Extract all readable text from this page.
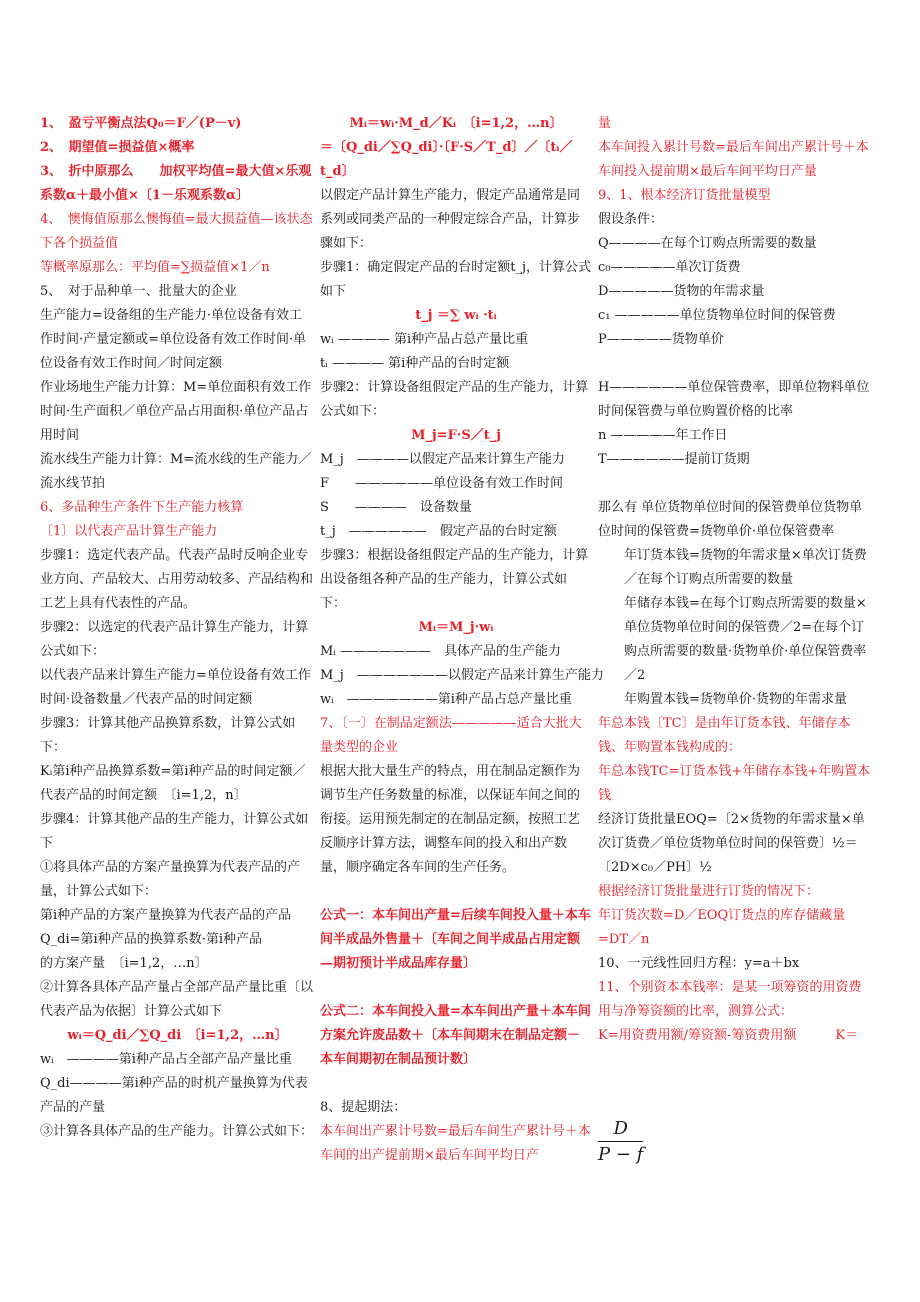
1、　盈亏平衡点法Q₀＝F／(P－v)
2、　期望值=损益值×概率
3、　折中原那么　　加权平均值=最大值×乐观系数α＋最小值×〔1－乐观系数α〕
4、　懊悔值原那么懊悔值=最大损益值—该状态下各个损益值
等概率原那么：平均值=∑损益值×1／n
5、　对于品种单一、批量大的企业
生产能力=设备组的生产能力·单位设备有效工作时间·产量定额或=单位设备有效工作时间·单位设备有效工作时间／时间定额
作业场地生产能力计算：M=单位面积有效工作时间·生产面积／单位产品占用面积·单位产品占用时间
流水线生产能力计算：M=流水线的生产能力／流水线节拍
6、多品种生产条件下生产能力核算
〔1〕以代表产品计算生产能力
步骤1：选定代表产品。代表产品时反响企业专业方向、产品较大、占用劳动较多、产品结构和工艺上具有代表性的产品。
步骤2：以选定的代表产品计算生产能力，计算公式如下：
以代表产品来计算生产能力=单位设备有效工作时间·设备数量／代表产品的时间定额
步骤3：计算其他产品换算系数，计算公式如下：
Kᵢ第i种产品换算系数=第i种产品的时间定额／　代表产品的时间定额　〔i=1,2，n〕
步骤4：计算其他产品的生产能力，计算公式如下
①将具体产品的方案产量换算为代表产品的产量，计算公式如下：
第i种产品的方案产量换算为代表产品的产品Q_di=第i种产品的换算系数·第i种产品　　　　的方案产量　〔i=1,2，…n〕
②计算各具体产品产量占全部产品产量比重〔以代表产品为依据〕计算公式如下
wᵢ＝Q_di／∑Q_di　〔i=1,2，…n〕
wᵢ　————第i种产品占全部产品产量比重
Q_di————第i种产品的时机产量换算为代表产品的产量
③计算各具体产品的生产能力。计算公式如下：
Mᵢ＝wᵢ·M_d／Kᵢ　〔i=1,2，…n〕
＝〔Q_di／∑Q_di〕·〔F·S／T_d〕／〔tᵢ／t_d〕
以假定产品计算生产能力，假定产品通常是同系列或同类产品的一种假定综合产品，计算步骤如下：
步骤1：确定假定产品的台时定额t_j，计算公式如下
t_j ＝∑ wᵢ ·tᵢ
wᵢ ———— 第i种产品占总产量比重
tᵢ ———— 第i种产品的台时定额
步骤2：计算设备组假定产品的生产能力，计算公式如下：
M_j=F·S／t_j
M_j　————以假定产品来计算生产能力
F　　——————单位设备有效工作时间
S　　————　设备数量
t_j　——————　假定产品的台时定额
步骤3：根据设备组假定产品的生产能力，计算出设备组各种产品的生产能力，计算公式如下：
Mᵢ＝M_j·wᵢ
Mᵢ ———————　具体产品的生产能力
M_j　———————以假定产品来计算生产能力
wᵢ　———————第i种产品占总产量比重
7、〔一〕在制品定额法—————适合大批大量类型的企业
根据大批大量生产的特点，用在制品定额作为调节生产任务数量的标准，以保证车间之间的衔接。运用预先制定的在制品定额，按照工艺反顺序计算方法，调整车间的投入和出产数量，顺序确定各车间的生产任务。
公式一：本车间出产量=后续车间投入量＋本车间半成品外售量＋〔车间之间半成品占用定额—期初预计半成品库存量〕
公式二：本车间投入量=本车间出产量＋本车间方案允许废品数＋〔本车间期末在制品定额－本车间期初在制品预计数〕
8、提起期法：
本车间出产累计号数=最后车间生产累计号＋本车间的出产提前期×最后车间平均日产
量
本车间投入累计号数=最后车间出产累计号＋本车间投入提前期×最后车间平均日产量
9、1、根本经济订货批量模型
假设条件：
Q————在每个订购点所需要的数量
c₀—————单次订货费
D—————货物的年需求量
c₁ —————单位货物单位时间的保管费
P—————货物单价
H——————单位保管费率，即单位物料单位时间保管费与单位购置价格的比率
n —————年工作日
T——————提前订货期
那么有 单位货物单位时间的保管费单位货物单位时间的保管费=货物单价·单位保管费率
年订货本钱=货物的年需求量×单次订货费／在每个订购点所需要的数量
年储存本钱=在每个订购点所需要的数量×单位货物单位时间的保管费／2=在每个订购点所需要的数量·货物单价·单位保管费率／2
年购置本钱=货物单价·货物的年需求量
年总本钱〔TC〕是由年订货本钱、年储存本钱、年购置本钱构成的：
年总本钱TC=订货本钱+年储存本钱+年购置本钱
经济订货批量EOQ=〔2×货物的年需求量×单次订货费／单位货物单位时间的保管费〕½＝〔2D×c₀／PH〕½
根据经济订货批量进行订货的情况下：
年订货次数=D／EOQ订货点的库存储藏量=DT／n
10、一元线性回归方程：y=a＋bx
11、个别资本本钱率：是某一项筹资的用资费用与净筹资额的比率，测算公式：
K=用资费用额/筹资额-筹资费用额　　　K＝
$\frac{D}{P - f}$
